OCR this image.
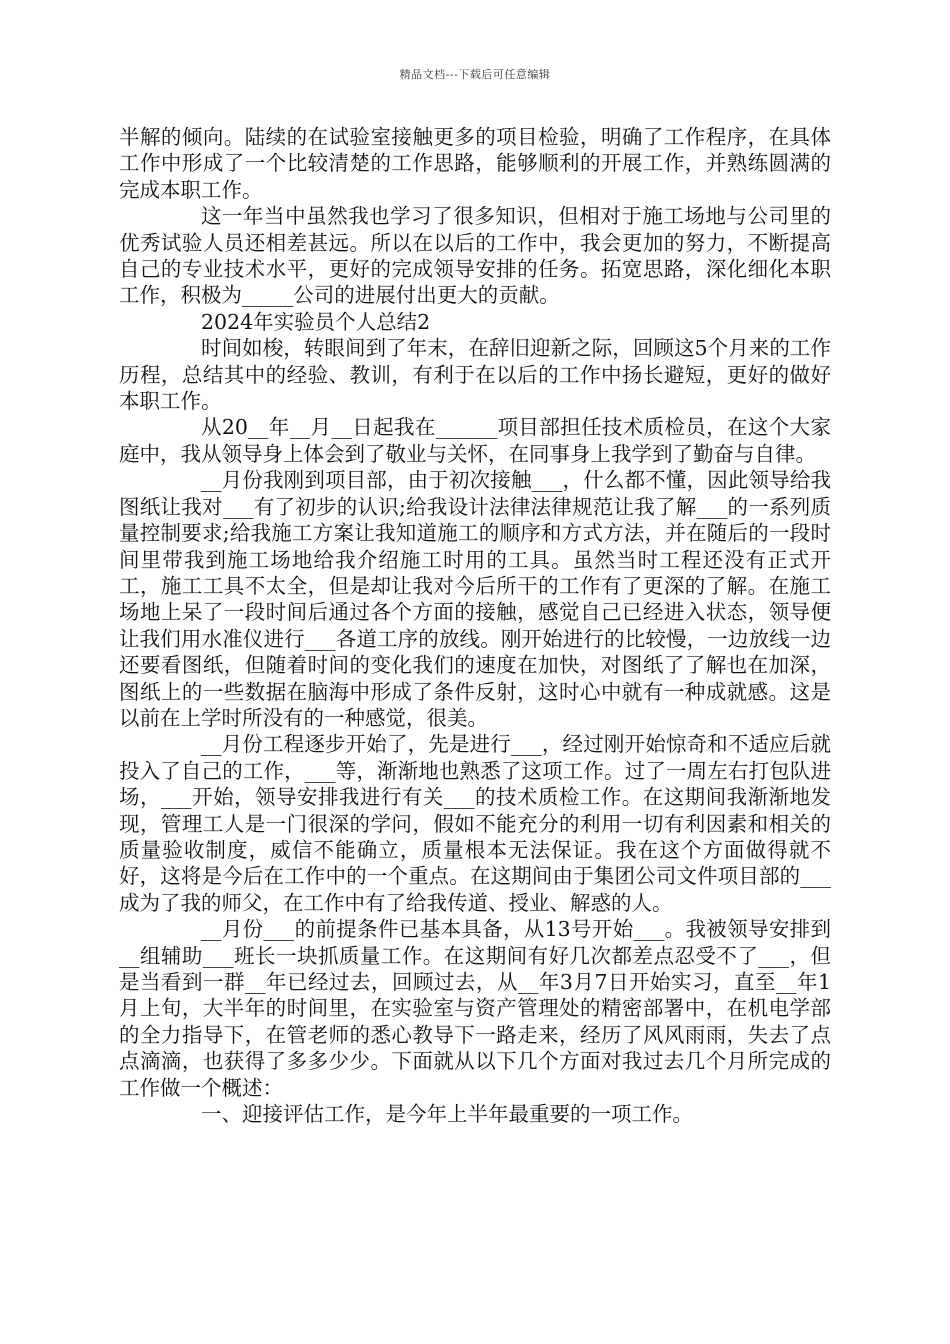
精品文档---下载后可任意编辑

半解的倾向。陆续的在试验室接触更多的项目检验，明确了工作程序，在具体工作中形成了一个比较清楚的工作思路，能够顺利的开展工作，并熟练圆满的完成本职工作。

这一年当中虽然我也学习了很多知识，但相对于施工场地与公司里的优秀试验人员还相差甚远。所以在以后的工作中，我会更加的努力，不断提高自己的专业技术水平，更好的完成领导安排的任务。拓宽思路，深化细化本职工作，积极为_____公司的进展付出更大的贡献。

2024年实验员个人总结2

时间如梭，转眼间到了年末，在辞旧迎新之际，回顾这5个月来的工作历程，总结其中的经验、教训，有利于在以后的工作中扬长避短，更好的做好本职工作。

从20__年__月__日起我在______项目部担任技术质检员，在这个大家庭中，我从领导身上体会到了敬业与关怀，在同事身上我学到了勤奋与自律。

__月份我刚到项目部，由于初次接触___，什么都不懂，因此领导给我图纸让我对___有了初步的认识;给我设计法律法律规范让我了解___的一系列质量控制要求;给我施工方案让我知道施工的顺序和方式方法，并在随后的一段时间里带我到施工场地给我介绍施工时用的工具。虽然当时工程还没有正式开工，施工工具不太全，但是却让我对今后所干的工作有了更深的了解。在施工场地上呆了一段时间后通过各个方面的接触，感觉自己已经进入状态，领导便让我们用水准仪进行___各道工序的放线。刚开始进行的比较慢，一边放线一边还要看图纸，但随着时间的变化我们的速度在加快，对图纸了了解也在加深，图纸上的一些数据在脑海中形成了条件反射，这时心中就有一种成就感。这是以前在上学时所没有的一种感觉，很美。

__月份工程逐步开始了，先是进行___，经过刚开始惊奇和不适应后就投入了自己的工作，___等，渐渐地也熟悉了这项工作。过了一周左右打包队进场，___开始，领导安排我进行有关___的技术质检工作。在这期间我渐渐地发现，管理工人是一门很深的学问，假如不能充分的利用一切有利因素和相关的质量验收制度，威信不能确立，质量根本无法保证。我在这个方面做得就不好，这将是今后在工作中的一个重点。在这期间由于集团公司文件项目部的___成为了我的师父，在工作中有了给我传道、授业、解惑的人。

__月份___的前提条件已基本具备，从13号开始___。我被领导安排到__组辅助___班长一块抓质量工作。在这期间有好几次都差点忍受不了___，但是当看到一群__年已经过去，回顾过去，从__年3月7日开始实习，直至__年1月上旬，大半年的时间里，在实验室与资产管理处的精密部署中，在机电学部的全力指导下，在管老师的悉心教导下一路走来，经历了风风雨雨，失去了点点滴滴，也获得了多多少少。下面就从以下几个方面对我过去几个月所完成的工作做一个概述：

一、迎接评估工作，是今年上半年最重要的一项工作。
